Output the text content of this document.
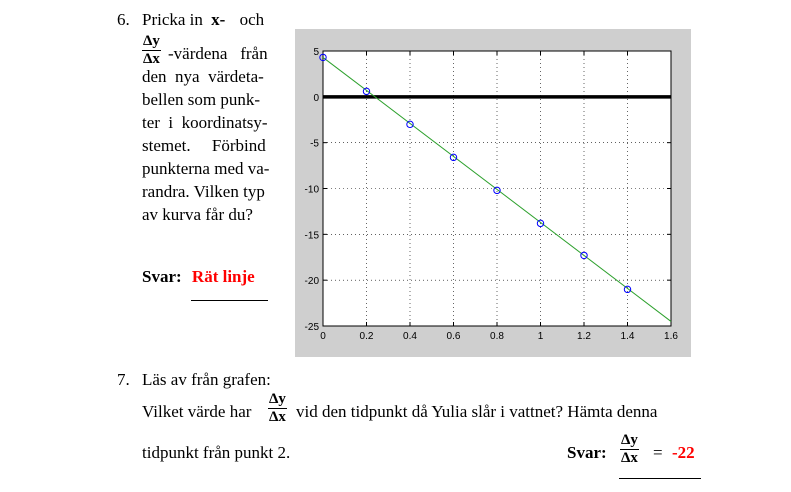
6. Pricka in x- och
$\frac{\Delta y}{\Delta x}$ -värdena   från
den  nya  värdeta-
bellen som punk-
ter  i  koordinatsy-
stemet.     Förbind
punkterna med va-
randra. Vilken typ
av kurva får du?
Svar: Rät linje
0	0.2	0.4	0.6	0.8	1	1.2	1.4	1.6
5
0
-5
-10
-15
-20
-25
7. Läs av från grafen:
Vilket värde har $\frac{\Delta y}{\Delta x}$ vid den tidpunkt då Yulia slår i vattnet? Hämta denna
tidpunkt från punkt 2.	Svar: $\frac{\Delta y}{\Delta x} = -22$
